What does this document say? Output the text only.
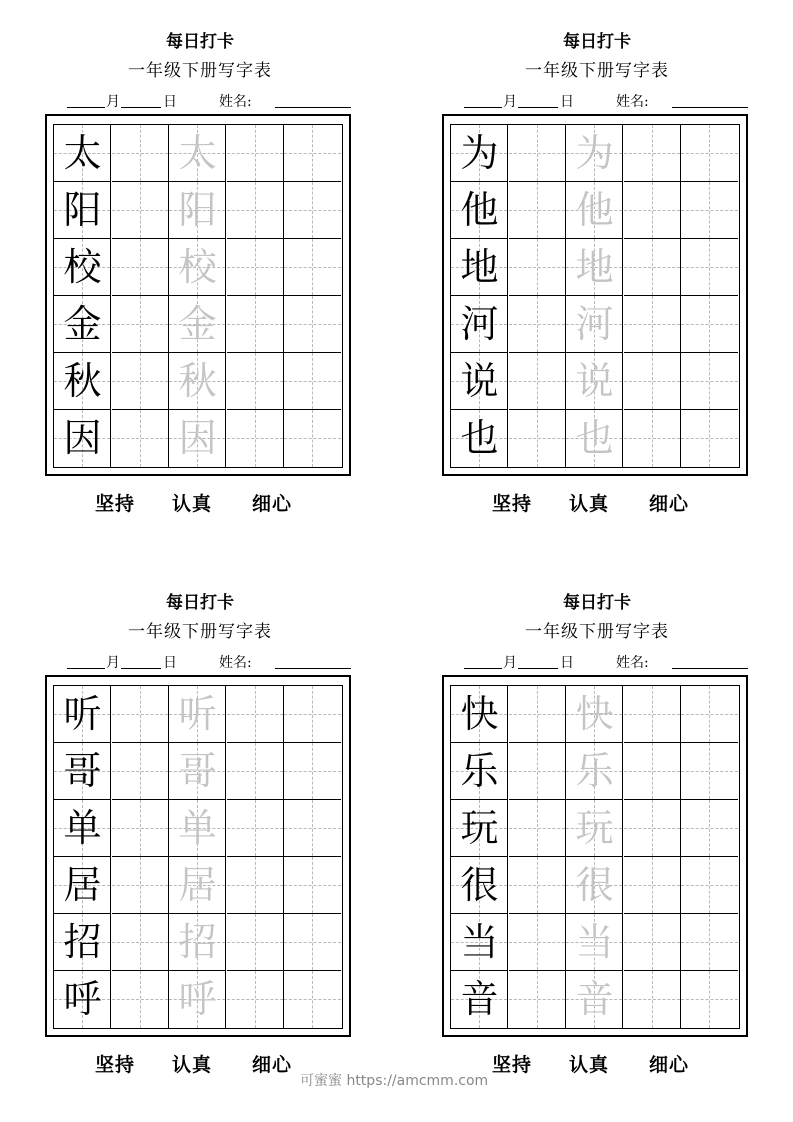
每日打卡
一年级下册写字表
月	日	姓名:
太 太
阳 阳
校 校
金 金
秋 秋
因 因
坚持 认真 细心
每日打卡
一年级下册写字表
月	日	姓名:
为 为
他 他
地 地
河 河
说 说
也 也
坚持 认真 细心
每日打卡
一年级下册写字表
月	日	姓名:
听 听
哥 哥
单 单
居 居
招 招
呼 呼
坚持 认真 细心
每日打卡
一年级下册写字表
月	日	姓名:
快 快
乐 乐
玩 玩
很 很
当 当
音 音
坚持 认真 细心
可蜜蜜 https://amcmm.com
